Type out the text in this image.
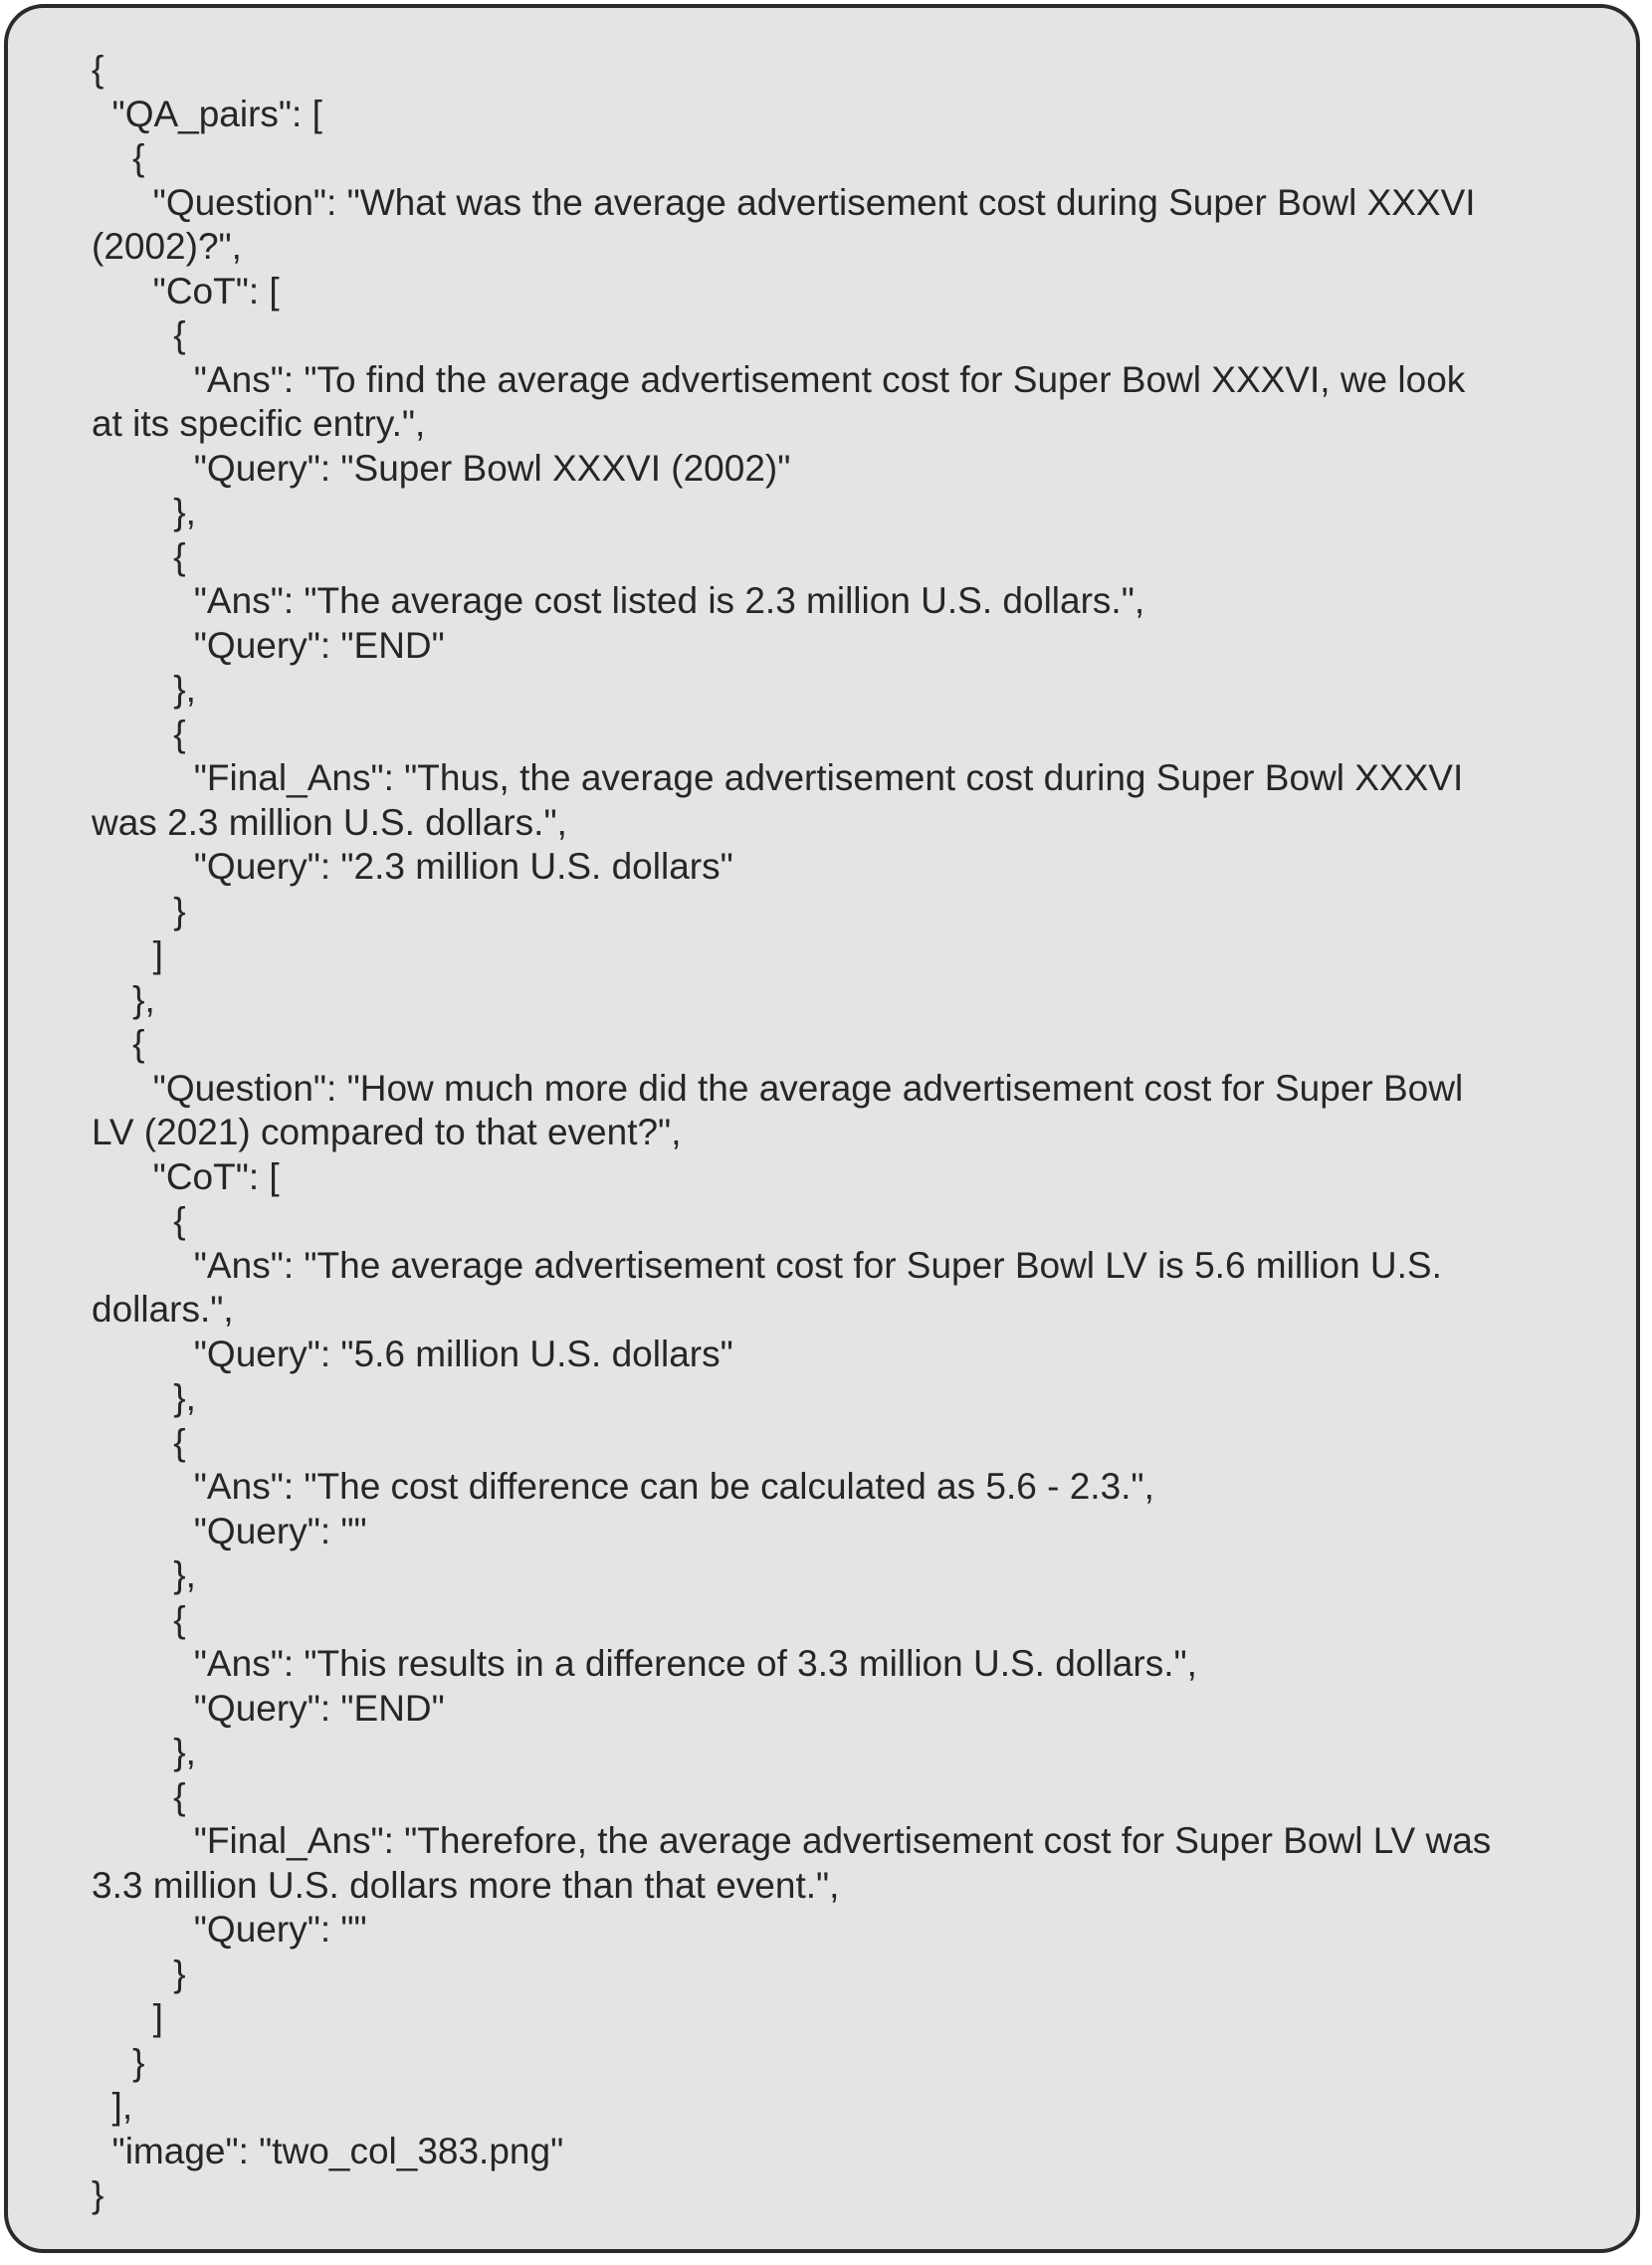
{
"QA_pairs": [
{
"Question": "What was the average advertisement cost during Super Bowl XXXVI
(2002)?",
"CoT": [
{
"Ans": "To find the average advertisement cost for Super Bowl XXXVI, we look
at its specific entry.",
"Query": "Super Bowl XXXVI (2002)"
},
{
"Ans": "The average cost listed is 2.3 million U.S. dollars.",
"Query": "END"
},
{
"Final_Ans": "Thus, the average advertisement cost during Super Bowl XXXVI
was 2.3 million U.S. dollars.",
"Query": "2.3 million U.S. dollars"
}
]
},
{
"Question": "How much more did the average advertisement cost for Super Bowl
LV (2021) compared to that event?",
"CoT": [
{
"Ans": "The average advertisement cost for Super Bowl LV is 5.6 million U.S.
dollars.",
"Query": "5.6 million U.S. dollars"
},
{
"Ans": "The cost difference can be calculated as 5.6 - 2.3.",
"Query": ""
},
{
"Ans": "This results in a difference of 3.3 million U.S. dollars.",
"Query": "END"
},
{
"Final_Ans": "Therefore, the average advertisement cost for Super Bowl LV was
3.3 million U.S. dollars more than that event.",
"Query": ""
}
]
}
],
"image": "two_col_383.png"
}
